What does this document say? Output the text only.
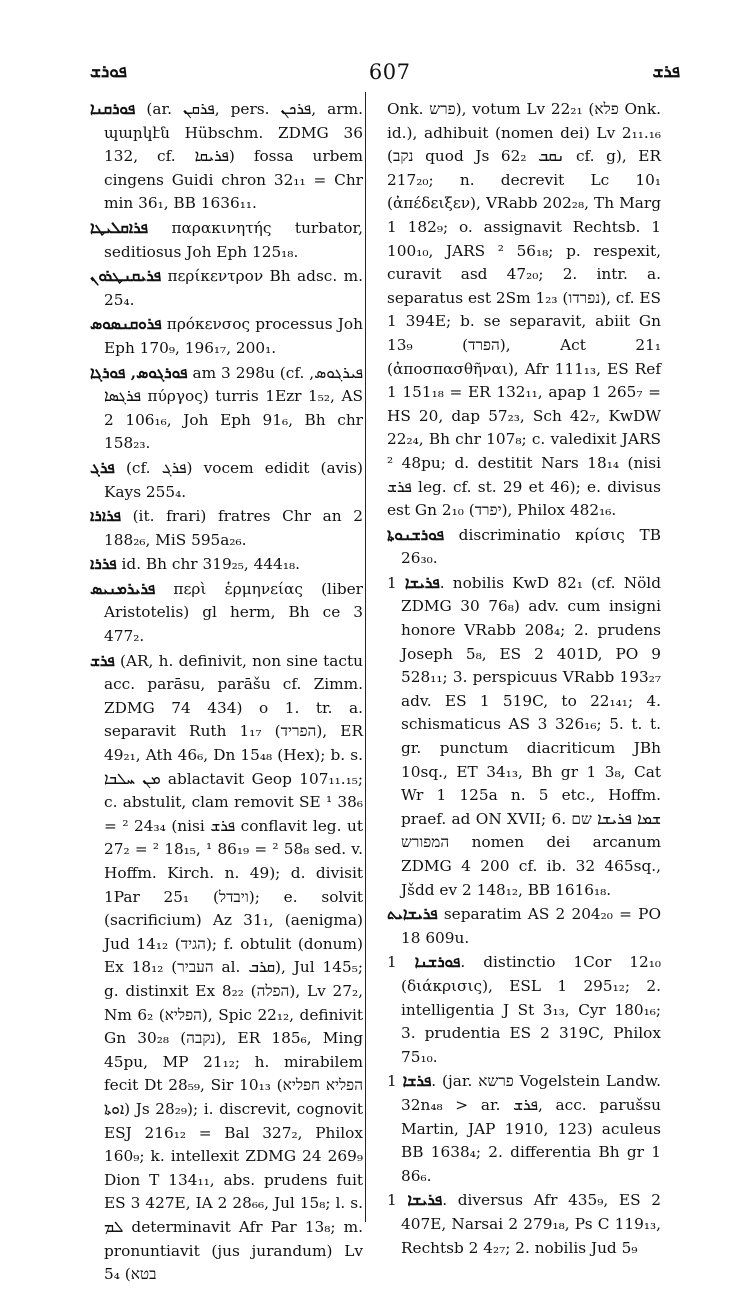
ܦܘܪܫ	607	ܦܪܫ
ܦܘܪܩܢܐ (ar. ܦܪܩܢ, pers. ܦܪܟܢ, arm. պարկէն Hübschm. ZDMG 36 132, cf. ܦܪܝܩܐ) fossa urbem cingens Guidi chron 32₁₁ = Chr min 36₁, BB 1636₁₁.
ܦܪܐܩܠܝܛܐ παρακινητής turbator, seditiosus Joh Eph 125₁₈.
ܦܪܝܩܢܛܪܘܢ περίκεντρον Bh adsc. m. 25₄.
ܦܪܘܩܢܣܘܣ πρόκενσος processus Joh Eph 170₉, 196₁₇, 200₁.
ܦܘܪܓܘܣ, ܦܘܪܓܐ am 3 298u (cf. ܦܝܪܓܘܣ, ܦܪܓܣܐ πύργος) turris 1Ezr 1₅₂, AS 2 106₁₆, Joh Eph 91₆, Bh chr 158₂₃.
ܦܪܓ (cf. ܦܪܓ) vocem edidit (avis) Kays 255₄.
ܦܪܐܪܐ (it. frari) fratres Chr an 2 188₂₆, MiS 595a₂₆.
ܦܪܪܐ id. Bh chr 319₂₅, 444₁₈.
ܦܪܝܪܡܢܝܣ περὶ ἑρμηνείας (liber Aristotelis) gl herm, Bh ce 3 477₂.
ܦܪܫ (AR, h. definivit, non sine tactu acc. parāsu, parāšu cf. Zimm. ZDMG 74 434) o 1. tr. a. separavit Ruth 1₁₇ (הפריד), ER 49₂₁, Ath 46₆, Dn 15₄₈ (Hex); b. s. ܡܢ ܚܠܒܐ ablactavit Geop 107₁₁.₁₅; c. abstulit, clam removit SE ¹ 38₆ = ² 24₃₄ (nisi ܦܪܫ conflavit leg. ut 27₂ = ² 18₁₅, ¹ 86₁₉ = ² 58₈ sed. v. Hoffm. Kirch. n. 49); d. divisit 1Par 25₁ (ויבדל); e. solvit (sacrificium) Az 31₁, (aenigma) Jud 14₁₂ (הגיד); f. obtulit (donum) Ex 18₁₂ (העביר al. ܩܪܒ), Jul 145₅; g. distinxit Ex 8₂₂ (הפלה), Lv 27₂, Nm 6₂ (הפליא), Spic 22₁₂, definivit Gn 30₂₈ (נקבה), ER 185₆, Ming 45pu, MP 21₁₂; h. mirabilem fecit Dt 28₅₉, Sir 10₁₃ (הפליא חפליא ܐܘܬܐ) Js 28₂₉); i. discrevit, cognovit ESJ 216₁₂ = Bal 327₂, Philox 160₉; k. intellexit ZDMG 24 269₉ Dion T 134₁₁, abs. prudens fuit ES 3 427E, IA 2 28₆₆, Jul 15₈; l. s. ܠܡ determinavit Afr Par 13₈; m. pronuntiavit (jus jurandum) Lv 5₄ (בטא
Onk. פרש), votum Lv 22₂₁ (פלא Onk. id.), adhibuit (nomen dei) Lv 2₁₁.₁₆ (נקב quod Js 62₂ ܢܩܒ cf. g), ER 217₂₀; n. decrevit Lc 10₁ (ἀπέδειξεν), VRabb 202₂₈, Th Marg 1 182₉; o. assignavit Rechtsb. 1 100₁₀, JARS ² 56₁₈; p. respexit, curavit asd 47₂₀; 2. intr. a. separatus est 2Sm 1₂₃ (נפרדו), cf. ES 1 394E; b. se separavit, abiit Gn 13₉ (הפרד), Act 21₁ (ἀποσπασθῆναι), Afr 111₁₃, ES Ref 1 151₁₈ = ER 132₁₁, apap 1 265₇ = HS 20, dap 57₂₃, Sch 42₇, KwDW 22₂₄, Bh chr 107₈; c. valedixit JARS ² 48pu; d. destitit Nars 18₁₄ (nisi ܦܪܫ leg. cf. st. 29 et 46); e. divisus est Gn 2₁₀ (יפרד), Philox 482₁₆.
ܦܘܪܫܢܘܬܐ discriminatio κρίσις TB 26₃₀.
ܦܪܝܫܐ 1. nobilis KwD 82₁ (cf. Nöld ZDMG 30 76₈) adv. cum insigni honore VRabb 208₄; 2. prudens Joseph 5₈, ES 2 401D, PO 9 528₁₁; 3. perspicuus VRabb 193₂₇ adv. ES 1 519C, to 22₁₄₁; 4. schismaticus AS 3 326₁₆; 5. t. t. gr. punctum diacriticum JBh 10sq., ET 34₁₃, Bh gr 1 3₈, Cat Wr 1 125a n. 5 etc., Hoffm. praef. ad ON XVII; 6. ܫܡܐ ܦܪܝܫܐ שם המפורש nomen dei arcanum ZDMG 4 200 cf. ib. 32 465sq., Jšdd ev 2 148₁₂, BB 1616₁₈.
ܦܪܝܫܐܝܬ separatim AS 2 204₂₀ = PO 18 609u.
ܦܘܪܫܢܐ 1. distinctio 1Cor 12₁₀ (διάκρισις), ESL 1 295₁₂; 2. intelligentia J St 3₁₃, Cyr 180₁₆; 3. prudentia ES 2 319C, Philox 75₁₀.
ܦܪܫܐ 1. (jar. פרשא Vogelstein Landw. 32n₄₈ > ar. ܦܪܫ, acc. parušsu Martin, JAP 1910, 123) aculeus BB 1638₄; 2. differentia Bh gr 1 86₆.
ܦܪܝܫܐ 1. diversus Afr 435₉, ES 2 407E, Narsai 2 279₁₈, Ps C 119₁₃, Rechtsb 2 4₂₇; 2. nobilis Jud 5₉
